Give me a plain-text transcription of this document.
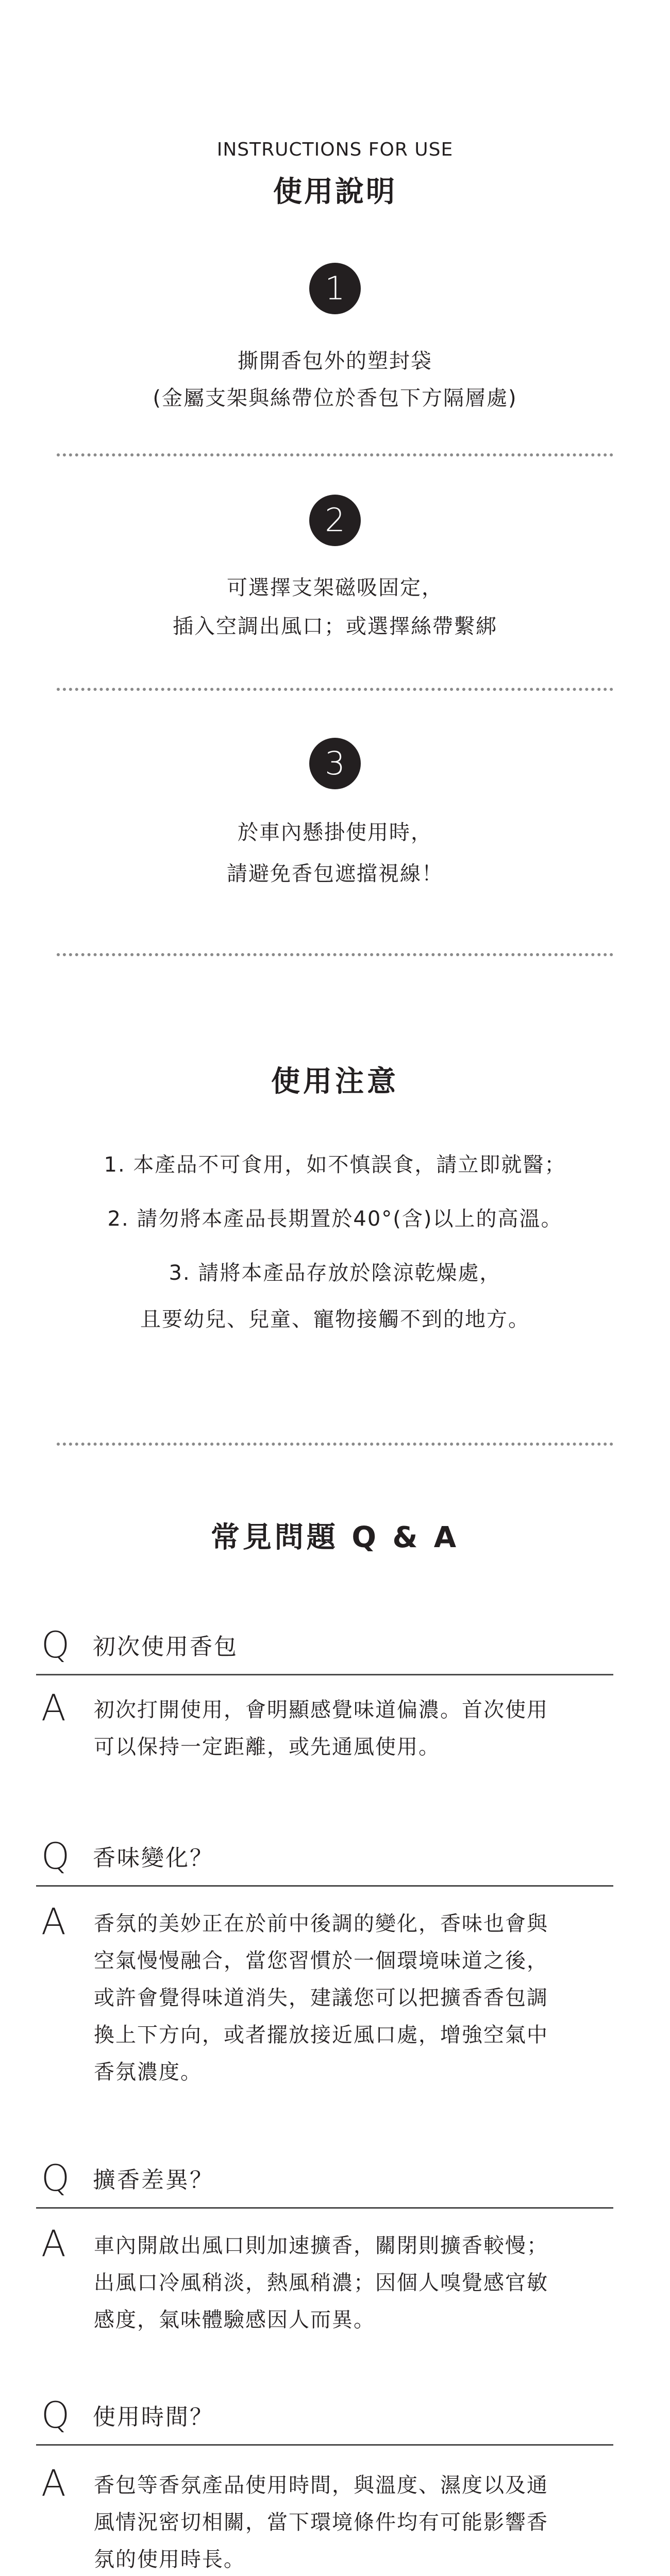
INSTRUCTIONS FOR USE
使用說明
1
撕開香包外的塑封袋
(金屬支架與絲帶位於香包下方隔層處)
2
可選擇支架磁吸固定，
插入空調出風口；或選擇絲帶繫綁
3
於車內懸掛使用時，
請避免香包遮擋視線！
使用注意
1. 本產品不可食用，如不慎誤食，請立即就醫；
2. 請勿將本產品長期置於40°(含)以上的高溫。
3. 請將本產品存放於陰涼乾燥處，
且要幼兒、兒童、寵物接觸不到的地方。
常見問題 Q & A
Q 初次使用香包
A 初次打開使用，會明顯感覺味道偏濃。首次使用
可以保持一定距離，或先通風使用。
Q 香味變化？
A 香氛的美妙正在於前中後調的變化，香味也會與
空氣慢慢融合，當您習慣於一個環境味道之後，
或許會覺得味道消失，建議您可以把擴香香包調
換上下方向，或者擺放接近風口處，增強空氣中
香氛濃度。
Q 擴香差異？
A 車內開啟出風口則加速擴香，關閉則擴香較慢；
出風口冷風稍淡，熱風稍濃；因個人嗅覺感官敏
感度，氣味體驗感因人而異。
Q 使用時間？
A 香包等香氛產品使用時間，與溫度、濕度以及通
風情況密切相關，當下環境條件均有可能影響香
氛的使用時長。
